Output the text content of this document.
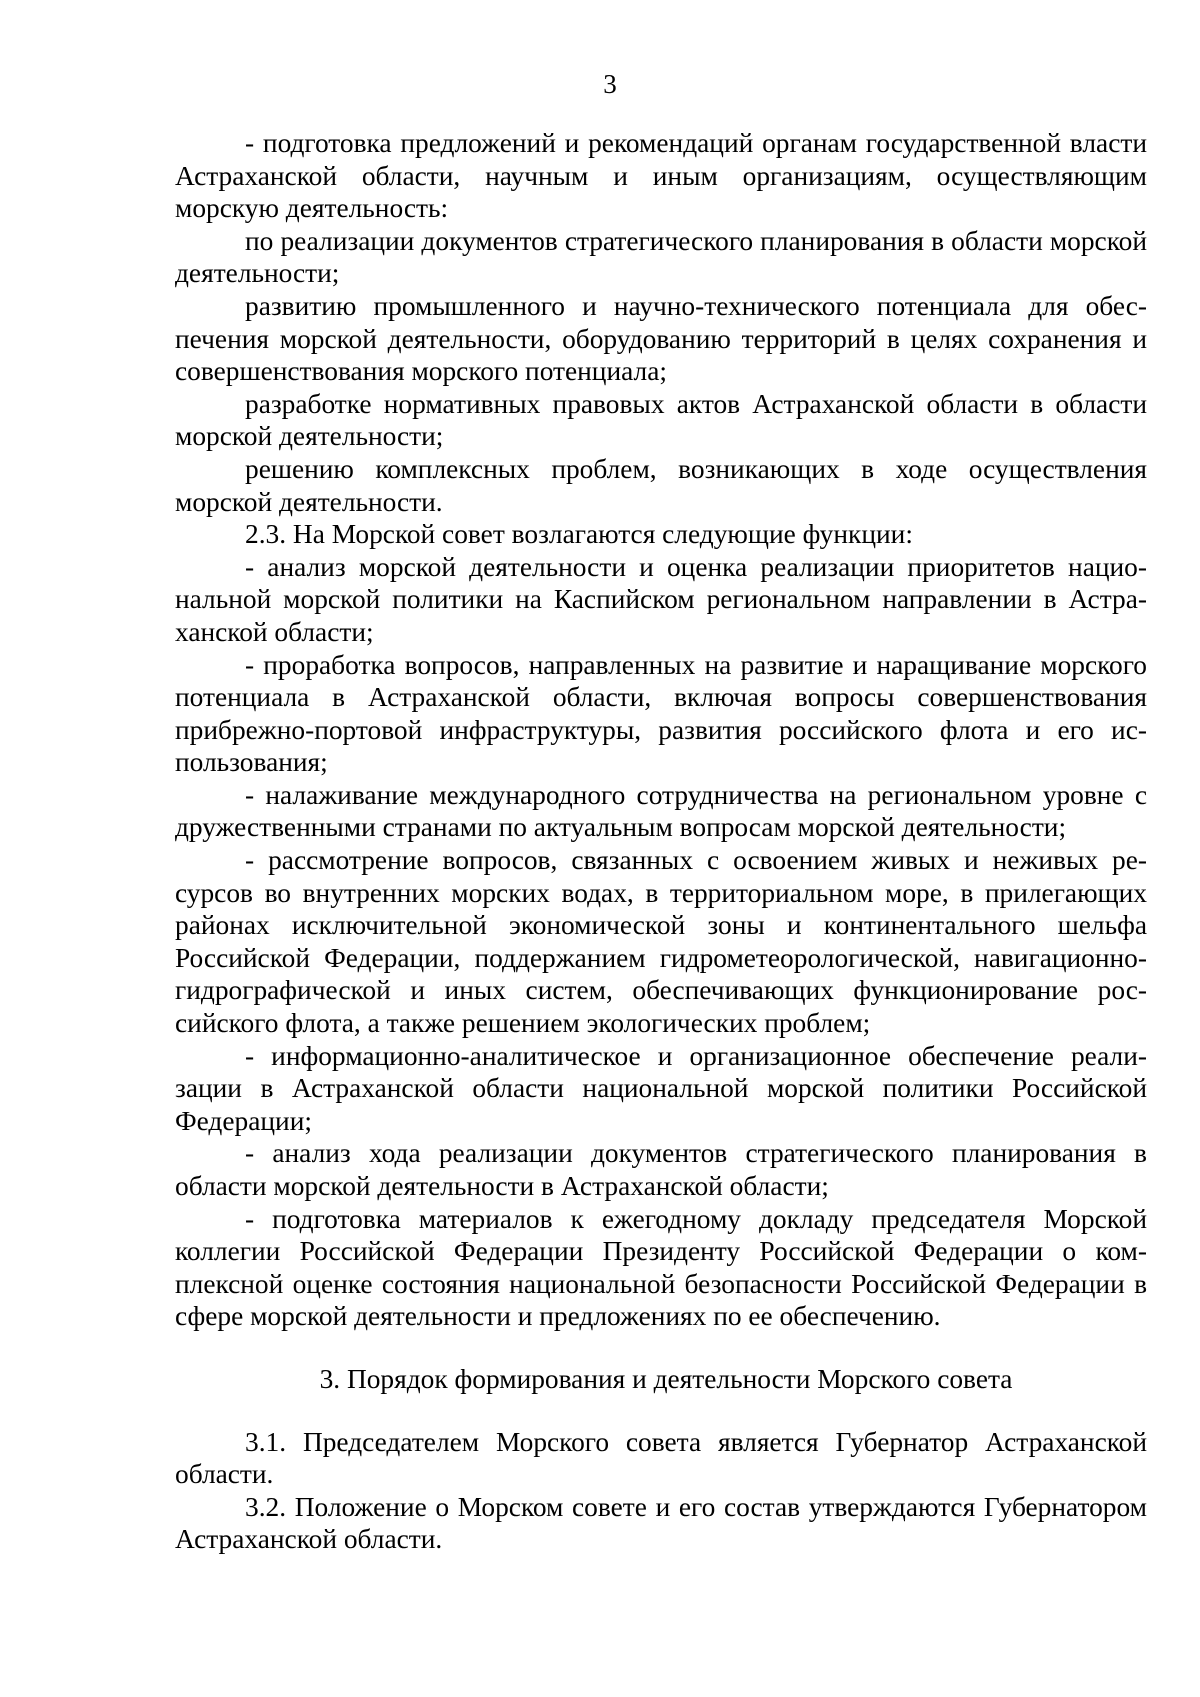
3

- подготовка предложений и рекомендаций органам государственной власти Астраханской области, научным и иным организациям, осуществляющим морскую деятельность:

по реализации документов стратегического планирования в области морской деятельности;

развитию промышленного и научно-технического потенциала для обеспечения морской деятельности, оборудованию территорий в целях сохранения и совершенствования морского потенциала;

разработке нормативных правовых актов Астраханской области в области морской деятельности;

решению комплексных проблем, возникающих в ходе осуществления морской деятельности.

2.3. На Морской совет возлагаются следующие функции:

- анализ морской деятельности и оценка реализации приоритетов национальной морской политики на Каспийском региональном направлении в Астраханской области;

- проработка вопросов, направленных на развитие и наращивание морского потенциала в Астраханской области, включая вопросы совершенствования прибрежно-портовой инфраструктуры, развития российского флота и его использования;

- налаживание международного сотрудничества на региональном уровне с дружественными странами по актуальным вопросам морской деятельности;

- рассмотрение вопросов, связанных с освоением живых и неживых ресурсов во внутренних морских водах, в территориальном море, в прилегающих районах исключительной экономической зоны и континентального шельфа Российской Федерации, поддержанием гидрометеорологической, навигационно-гидрографической и иных систем, обеспечивающих функционирование российского флота, а также решением экологических проблем;

- информационно-аналитическое и организационное обеспечение реализации в Астраханской области национальной морской политики Российской Федерации;

- анализ хода реализации документов стратегического планирования в области морской деятельности в Астраханской области;

- подготовка материалов к ежегодному докладу председателя Морской коллегии Российской Федерации Президенту Российской Федерации о комплексной оценке состояния национальной безопасности Российской Федерации в сфере морской деятельности и предложениях по ее обеспечению.

3. Порядок формирования и деятельности Морского совета

3.1. Председателем Морского совета является Губернатор Астраханской области.

3.2. Положение о Морском совете и его состав утверждаются Губернатором Астраханской области.
